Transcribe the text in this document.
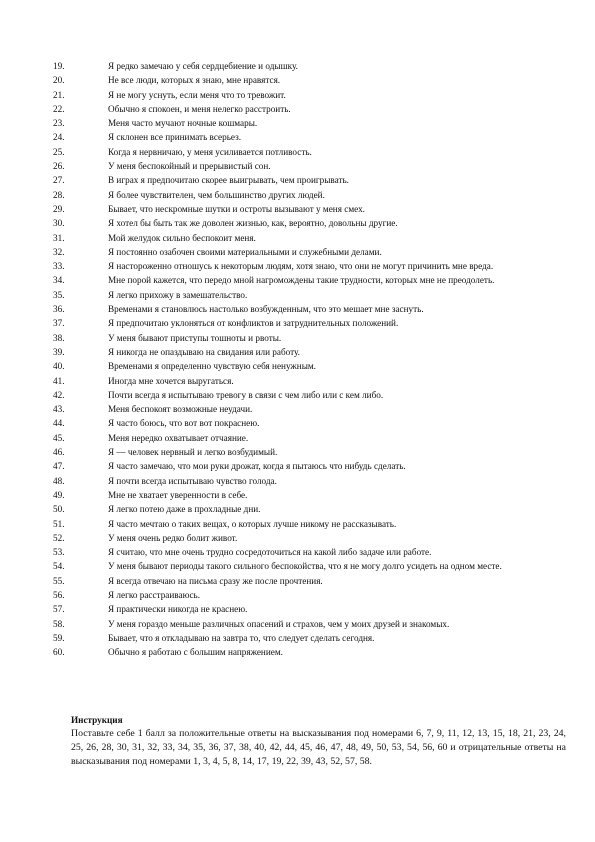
19.	Я редко замечаю у себя сердцебиение и одышку.
20.	Не все люди, которых я знаю, мне нравятся.
21.	Я не могу уснуть, если меня что то тревожит.
22.	Обычно я спокоен, и меня нелегко расстроить.
23.	Меня часто мучают ночные кошмары.
24.	Я склонен все принимать всерьез.
25.	Когда я нервничаю, у меня усиливается потливость.
26.	У меня беспокойный и прерывистый сон.
27.	В играх я предпочитаю скорее выигрывать, чем проигрывать.
28.	Я более чувствителен, чем большинство других людей.
29.	Бывает, что нескромные шутки и остроты вызывают у меня смех.
30.	Я хотел бы быть так же доволен жизнью, как, вероятно, довольны другие.
31.	Мой желудок сильно беспокоит меня.
32.	Я постоянно озабочен своими материальными и служебными делами.
33.	Я настороженно отношусь к некоторым людям, хотя знаю, что они не могут причинить мне вреда.
34.	Мне порой кажется, что передо мной нагромождены такие трудности, которых мне не преодолеть.
35.	Я легко прихожу в замешательство.
36.	Временами я становлюсь настолько возбужденным, что это мешает мне заснуть.
37.	Я предпочитаю уклоняться от конфликтов и затруднительных положений.
38.	У меня бывают приступы тошноты и рвоты.
39.	Я никогда не опаздываю на свидания или работу.
40.	Временами я определенно чувствую себя ненужным.
41.	Иногда мне хочется выругаться.
42.	Почти всегда я испытываю тревогу в связи с чем либо или с кем либо.
43.	Меня беспокоят возможные неудачи.
44.	Я часто боюсь, что вот вот покраснею.
45.	Меня нередко охватывает отчаяние.
46.	Я — человек нервный и легко возбудимый.
47.	Я часто замечаю, что мои руки дрожат, когда я пытаюсь что нибудь сделать.
48.	Я почти всегда испытываю чувство голода.
49.	Мне не хватает уверенности в себе.
50.	Я легко потею даже в прохладные дни.
51.	Я часто мечтаю о таких вещах, о которых лучше никому не рассказывать.
52.	У меня очень редко болит живот.
53.	Я считаю, что мне очень трудно сосредоточиться на какой либо задаче или работе.
54.	У меня бывают периоды такого сильного беспокойства, что я не могу долго усидеть на одном месте.
55.	Я всегда отвечаю на письма сразу же после прочтения.
56.	Я легко расстраиваюсь.
57.	Я практически никогда не краснею.
58.	У меня гораздо меньше различных опасений и страхов, чем у моих друзей и знакомых.
59.	Бывает, что я откладываю на завтра то, что следует сделать сегодня.
60.	Обычно я работаю с большим напряжением.
Инструкция
Поставьте себе 1 балл за положительные ответы на высказывания под номерами 6, 7, 9, 11, 12, 13, 15, 18, 21, 23, 24, 25, 26, 28, 30, 31, 32, 33, 34, 35, 36, 37, 38, 40, 42, 44, 45, 46, 47, 48, 49, 50, 53, 54, 56, 60 и отрицательные ответы на высказывания под номерами 1, 3, 4, 5, 8, 14, 17, 19, 22, 39, 43, 52, 57, 58.
